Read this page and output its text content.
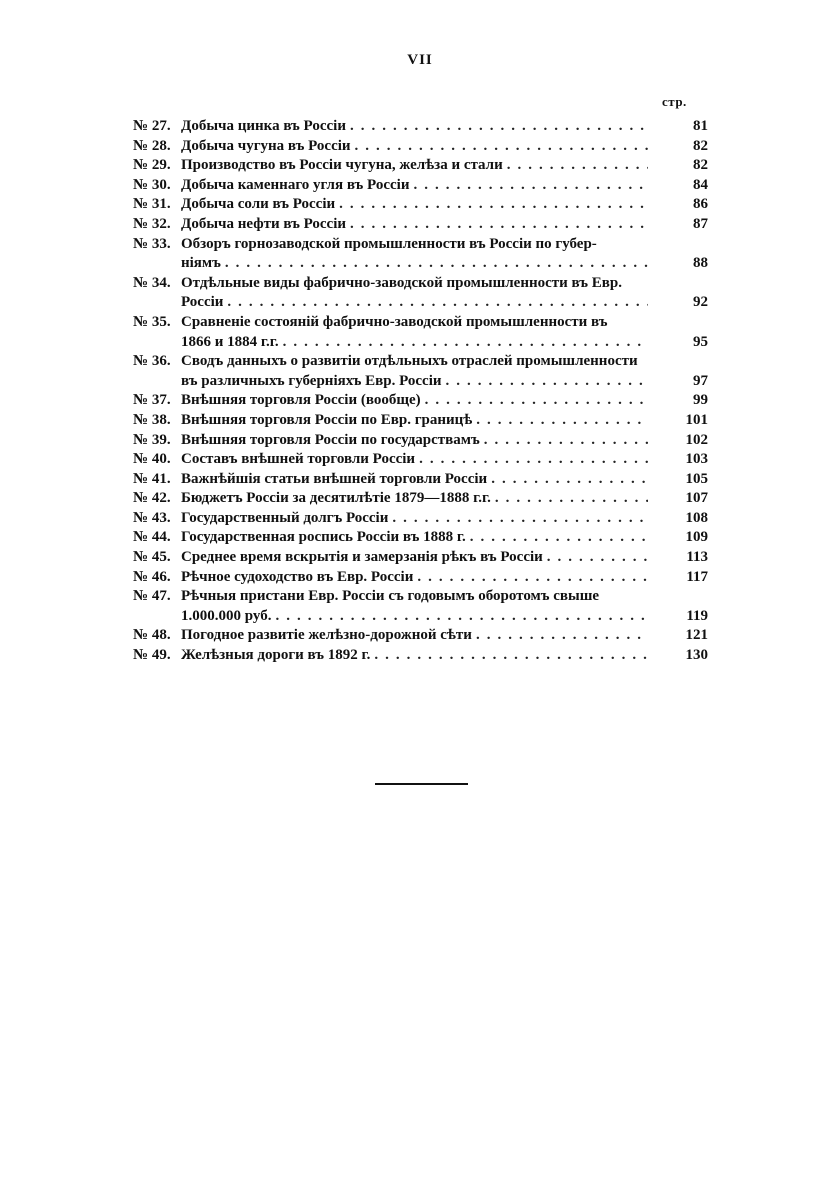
VII
стр.
№ 27. Добыча цинка въ Россіи .....	81
№ 28. Добыча чугуна въ Россіи .....	82
№ 29. Производство въ Россіи чугуна, желѣза и стали .....	82
№ 30. Добыча каменнаго угля въ Россіи .....	84
№ 31. Добыча соли въ Россіи .....	86
№ 32. Добыча нефти въ Россіи .....	87
№ 33. Обзоръ горнозаводской промышленности въ Россіи по губер-
ніямъ .....	88
№ 34. Отдѣльные виды фабрично-заводской промышленности въ Евр.
Россіи .....	92
№ 35. Сравненіе состояній фабрично-заводской промышленности въ
1866 и 1884 г.г. .....	95
№ 36. Сводъ данныхъ о развитіи отдѣльныхъ отраслей промышленности
въ различныхъ губерніяхъ Евр. Россіи .....	97
№ 37. Внѣшняя торговля Россіи (вообще) .....	99
№ 38. Внѣшняя торговля Россіи по Евр. границѣ .....	101
№ 39. Внѣшняя торговля Россіи по государствамъ .....	102
№ 40. Составъ внѣшней торговли Россіи .....	103
№ 41. Важнѣйшія статьи внѣшней торговли Россіи .....	105
№ 42. Бюджетъ Россіи за десятилѣтіе 1879—1888 г.г. .....	107
№ 43. Государственный долгъ Россіи .....	108
№ 44. Государственная роспись Россіи въ 1888 г. .....	109
№ 45. Среднее время вскрытія и замерзанія рѣкъ въ Россіи .....	113
№ 46. Рѣчное судоходство въ Евр. Россіи .....	117
№ 47. Рѣчныя пристани Евр. Россіи съ годовымъ оборотомъ свыше
1.000.000 руб. .....	119
№ 48. Погодное развитіе желѣзно-дорожной сѣти .....	121
№ 49. Желѣзныя дороги въ 1892 г. .....	130
